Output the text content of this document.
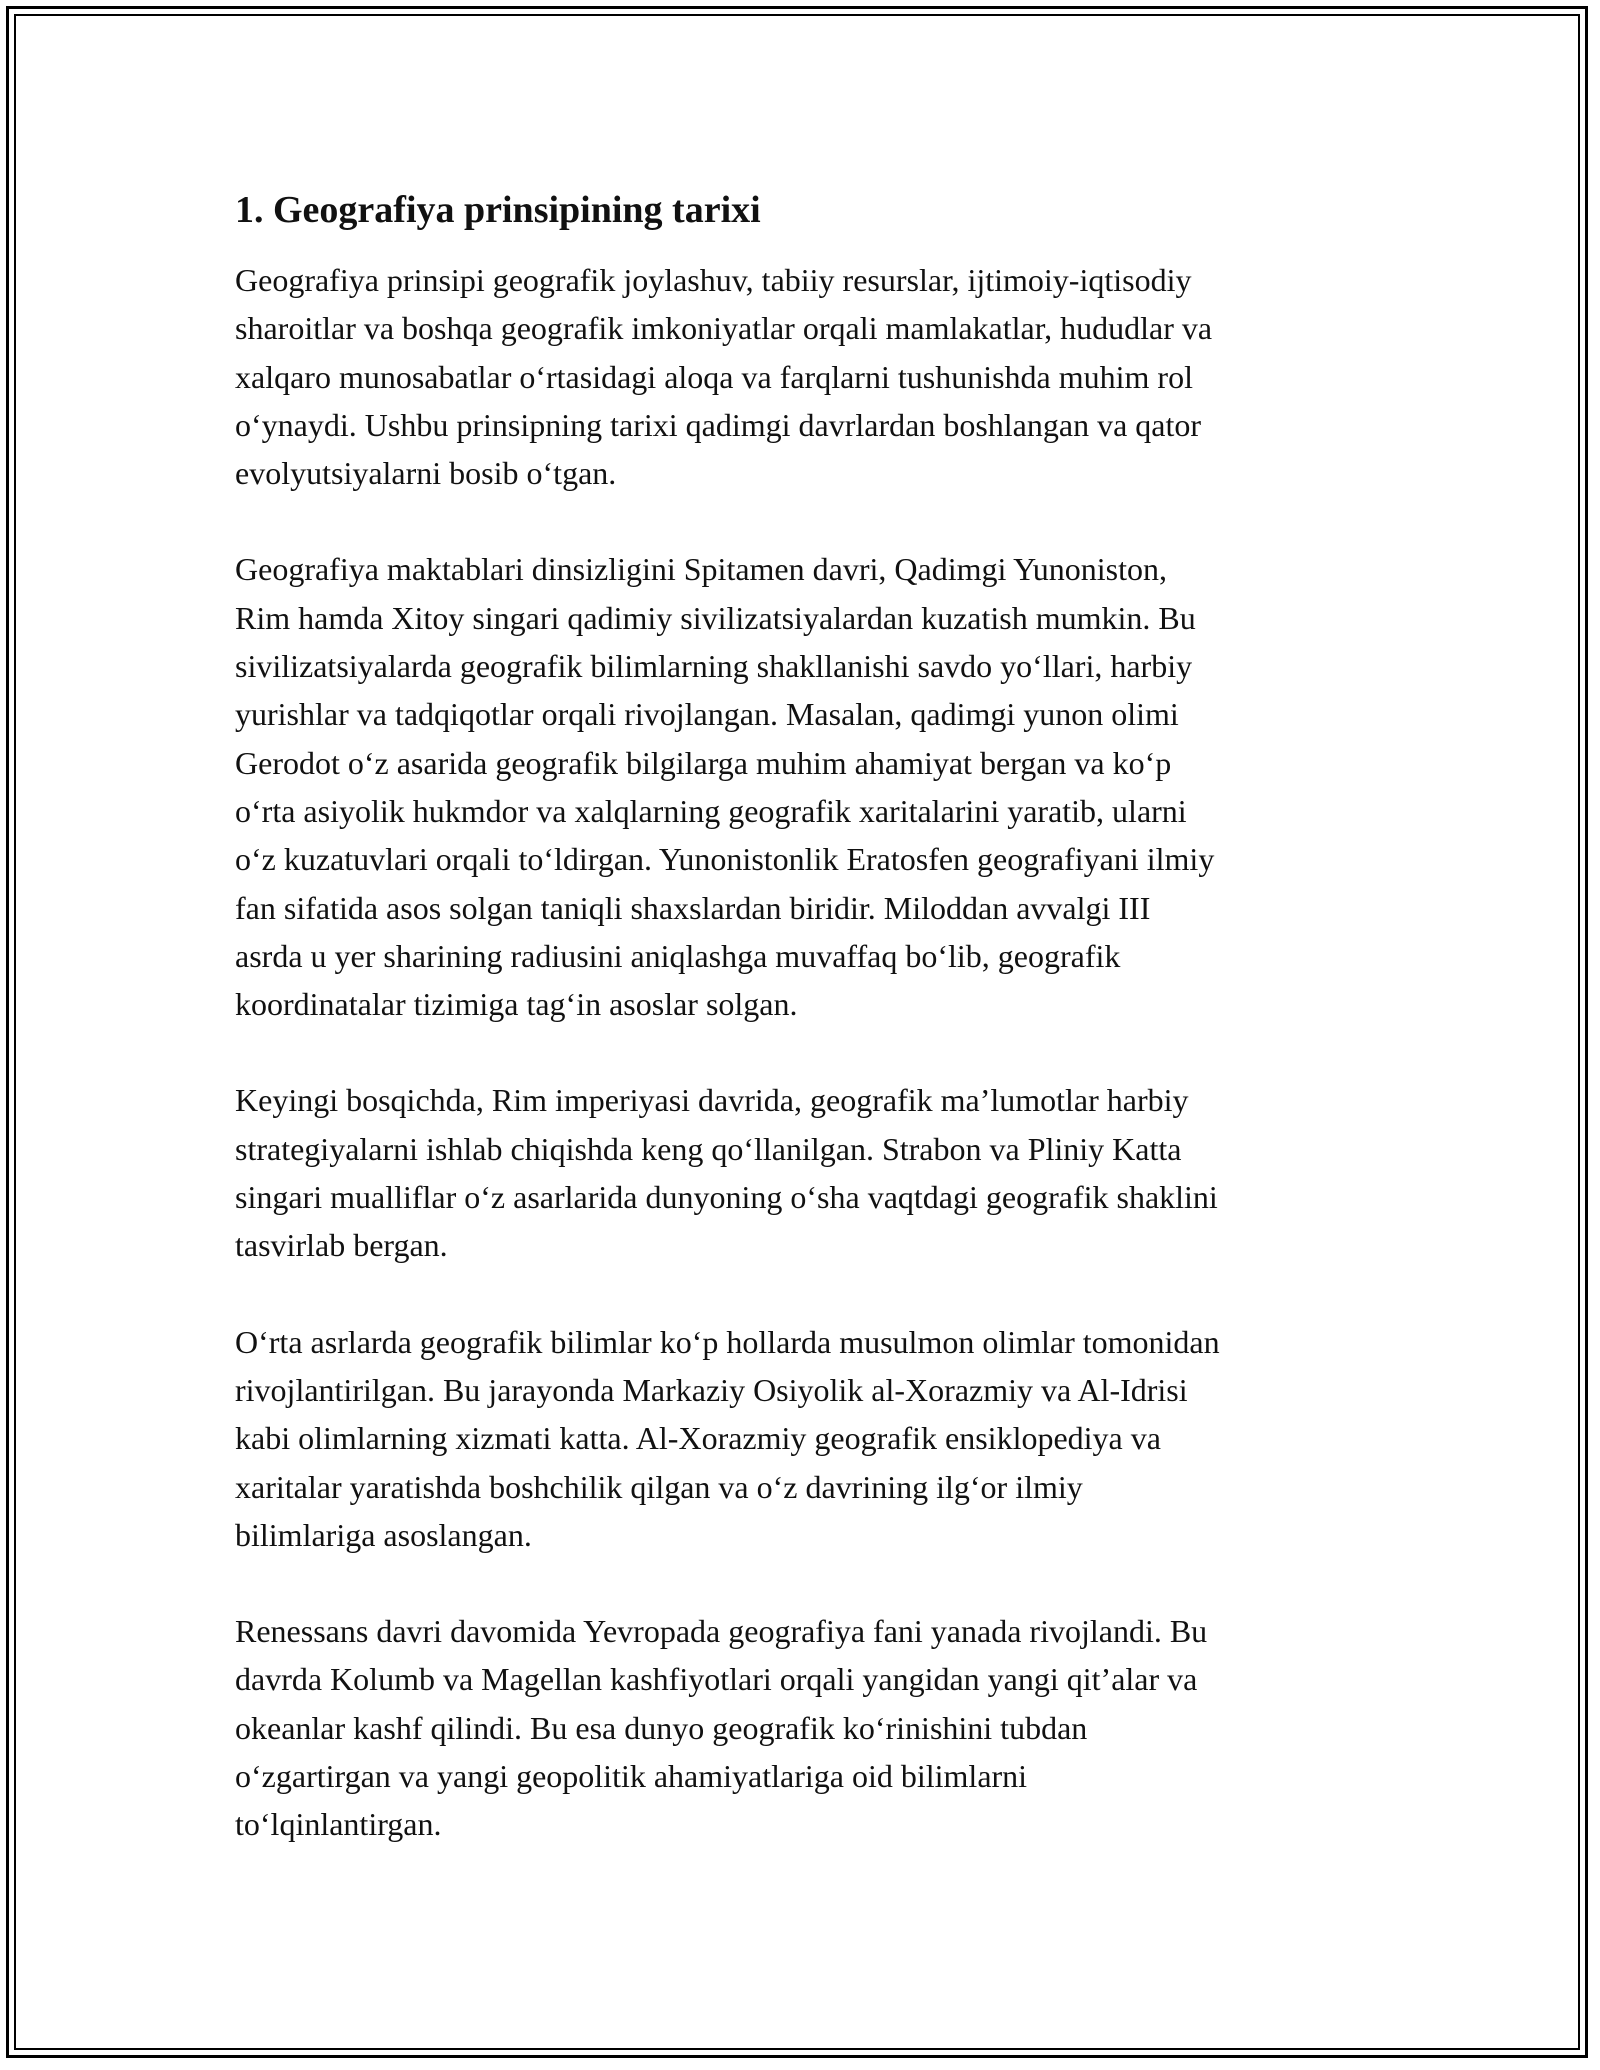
1. Geografiya prinsipining tarixi

Geografiya prinsipi geografik joylashuv, tabiiy resurslar, ijtimoiy-iqtisodiy
sharoitlar va boshqa geografik imkoniyatlar orqali mamlakatlar, hududlar va
xalqaro munosabatlar oʻrtasidagi aloqa va farqlarni tushunishda muhim rol
oʻynaydi. Ushbu prinsipning tarixi qadimgi davrlardan boshlangan va qator
evolyutsiyalarni bosib oʻtgan.

Geografiya maktablari dinsizligini Spitamen davri, Qadimgi Yunoniston,
Rim hamda Xitoy singari qadimiy sivilizatsiyalardan kuzatish mumkin. Bu
sivilizatsiyalarda geografik bilimlarning shakllanishi savdo yoʻllari, harbiy
yurishlar va tadqiqotlar orqali rivojlangan. Masalan, qadimgi yunon olimi
Gerodot oʻz asarida geografik bilgilarga muhim ahamiyat bergan va koʻp
oʻrta asiyolik hukmdor va xalqlarning geografik xaritalarini yaratib, ularni
oʻz kuzatuvlari orqali toʻldirgan. Yunonistonlik Eratosfen geografiyani ilmiy
fan sifatida asos solgan taniqli shaxslardan biridir. Miloddan avvalgi III
asrda u yer sharining radiusini aniqlashga muvaffaq boʻlib, geografik
koordinatalar tizimiga tagʻin asoslar solgan.

Keyingi bosqichda, Rim imperiyasi davrida, geografik maʼlumotlar harbiy
strategiyalarni ishlab chiqishda keng qoʻllanilgan. Strabon va Pliniy Katta
singari mualliflar oʻz asarlarida dunyoning oʻsha vaqtdagi geografik shaklini
tasvirlab bergan.

Oʻrta asrlarda geografik bilimlar koʻp hollarda musulmon olimlar tomonidan
rivojlantirilgan. Bu jarayonda Markaziy Osiyolik al-Xorazmiy va Al-Idrisi
kabi olimlarning xizmati katta. Al-Xorazmiy geografik ensiklopediya va
xaritalar yaratishda boshchilik qilgan va oʻz davrining ilgʻor ilmiy
bilimlariga asoslangan.

Renessans davri davomida Yevropada geografiya fani yanada rivojlandi. Bu
davrda Kolumb va Magellan kashfiyotlari orqali yangidan yangi qitʼalar va
okeanlar kashf qilindi. Bu esa dunyo geografik koʻrinishini tubdan
oʻzgartirgan va yangi geopolitik ahamiyatlariga oid bilimlarni
toʻlqinlantirgan.
